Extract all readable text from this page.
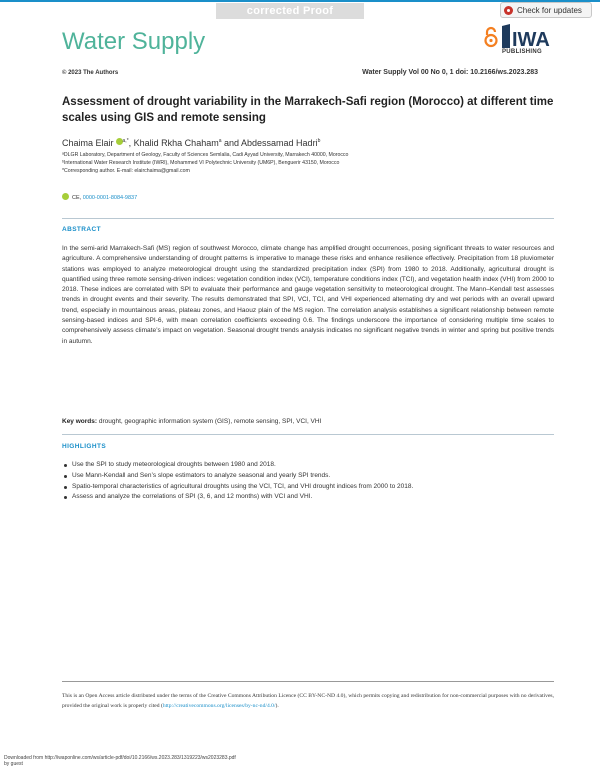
corrected Proof	Check for updates
Water Supply	IWA
PUBLISHING
© 2023 The Authors	Water Supply Vol 00 No 0, 1 doi: 10.2166/ws.2023.283
Assessment of drought variability in the Marrakech-Safi region (Morocco) at different time scales using GIS and remote sensing
Chaima Elair $^{a,*}$, Khalid Rkha Chaham$^a$ and Abdessamad Hadri$^b$
ᵃDLGR Laboratory, Department of Geology, Faculty of Sciences Semlalia, Cadi Ayyad University, Marrakech 40000, Morocco
ᵇInternational Water Research Institute (IWRI), Mohammed VI Polytechnic University (UM6P), Benguerir 43150, Morocco
*Corresponding author. E-mail: elairchaima@gmail.com
CE, 0000-0001-8084-9837
ABSTRACT

In the semi-arid Marrakech-Safi (MS) region of southwest Morocco, climate change has amplified drought occurrences, posing significant threats to water resources and agriculture. A comprehensive understanding of drought patterns is imperative to manage these risks and enhance resilience effectively. Precipitation from 18 pluviometer stations was employed to analyze meteorological drought using the standardized precipitation index (SPI) from 1980 to 2018. Additionally, agricultural drought is quantified using three remote sensing-driven indices: vegetation condition index (VCI), temperature conditions index (TCI), and vegetation health index (VHI) from 2000 to 2018. These indices are correlated with SPI to evaluate their performance and gauge vegetation sensitivity to meteorological drought. The Mann–Kendall test assesses trends in drought events and their severity. The results demonstrated that SPI, VCI, TCI, and VHI experienced alternating dry and wet periods with an overall upward trend, especially in mountainous areas, plateau zones, and Haouz plain of the MS region. The correlation analysis establishes a significant relationship between remote sensing-based indices and SPI-6, with mean correlation coefficients exceeding 0.6. The findings underscore the importance of considering multiple time scales to comprehensively assess climate’s impact on vegetation. Seasonal drought trends analysis indicates no significant negative trends in winter and spring but positive trends in autumn.

Key words: drought, geographic information system (GIS), remote sensing, SPI, VCI, VHI
HIGHLIGHTS
Use the SPI to study meteorological droughts between 1980 and 2018.
Use Mann-Kendall and Sen’s slope estimators to analyze seasonal and yearly SPI trends.
Spatio-temporal characteristics of agricultural droughts using the VCI, TCI, and VHI drought indices from 2000 to 2018.
Assess and analyze the correlations of SPI (3, 6, and 12 months) with VCI and VHI.

This is an Open Access article distributed under the terms of the Creative Commons Attribution Licence (CC BY-NC-ND 4.0), which permits copying and redistribution for non-commercial purposes with no derivatives, provided the original work is properly cited (http://creativecommons.org/licenses/by-nc-nd/4.0/).

Downloaded from http://iwaponline.com/ws/article-pdf/doi/10.2166/ws.2023.283/1319223/ws2023283.pdf
by guest
